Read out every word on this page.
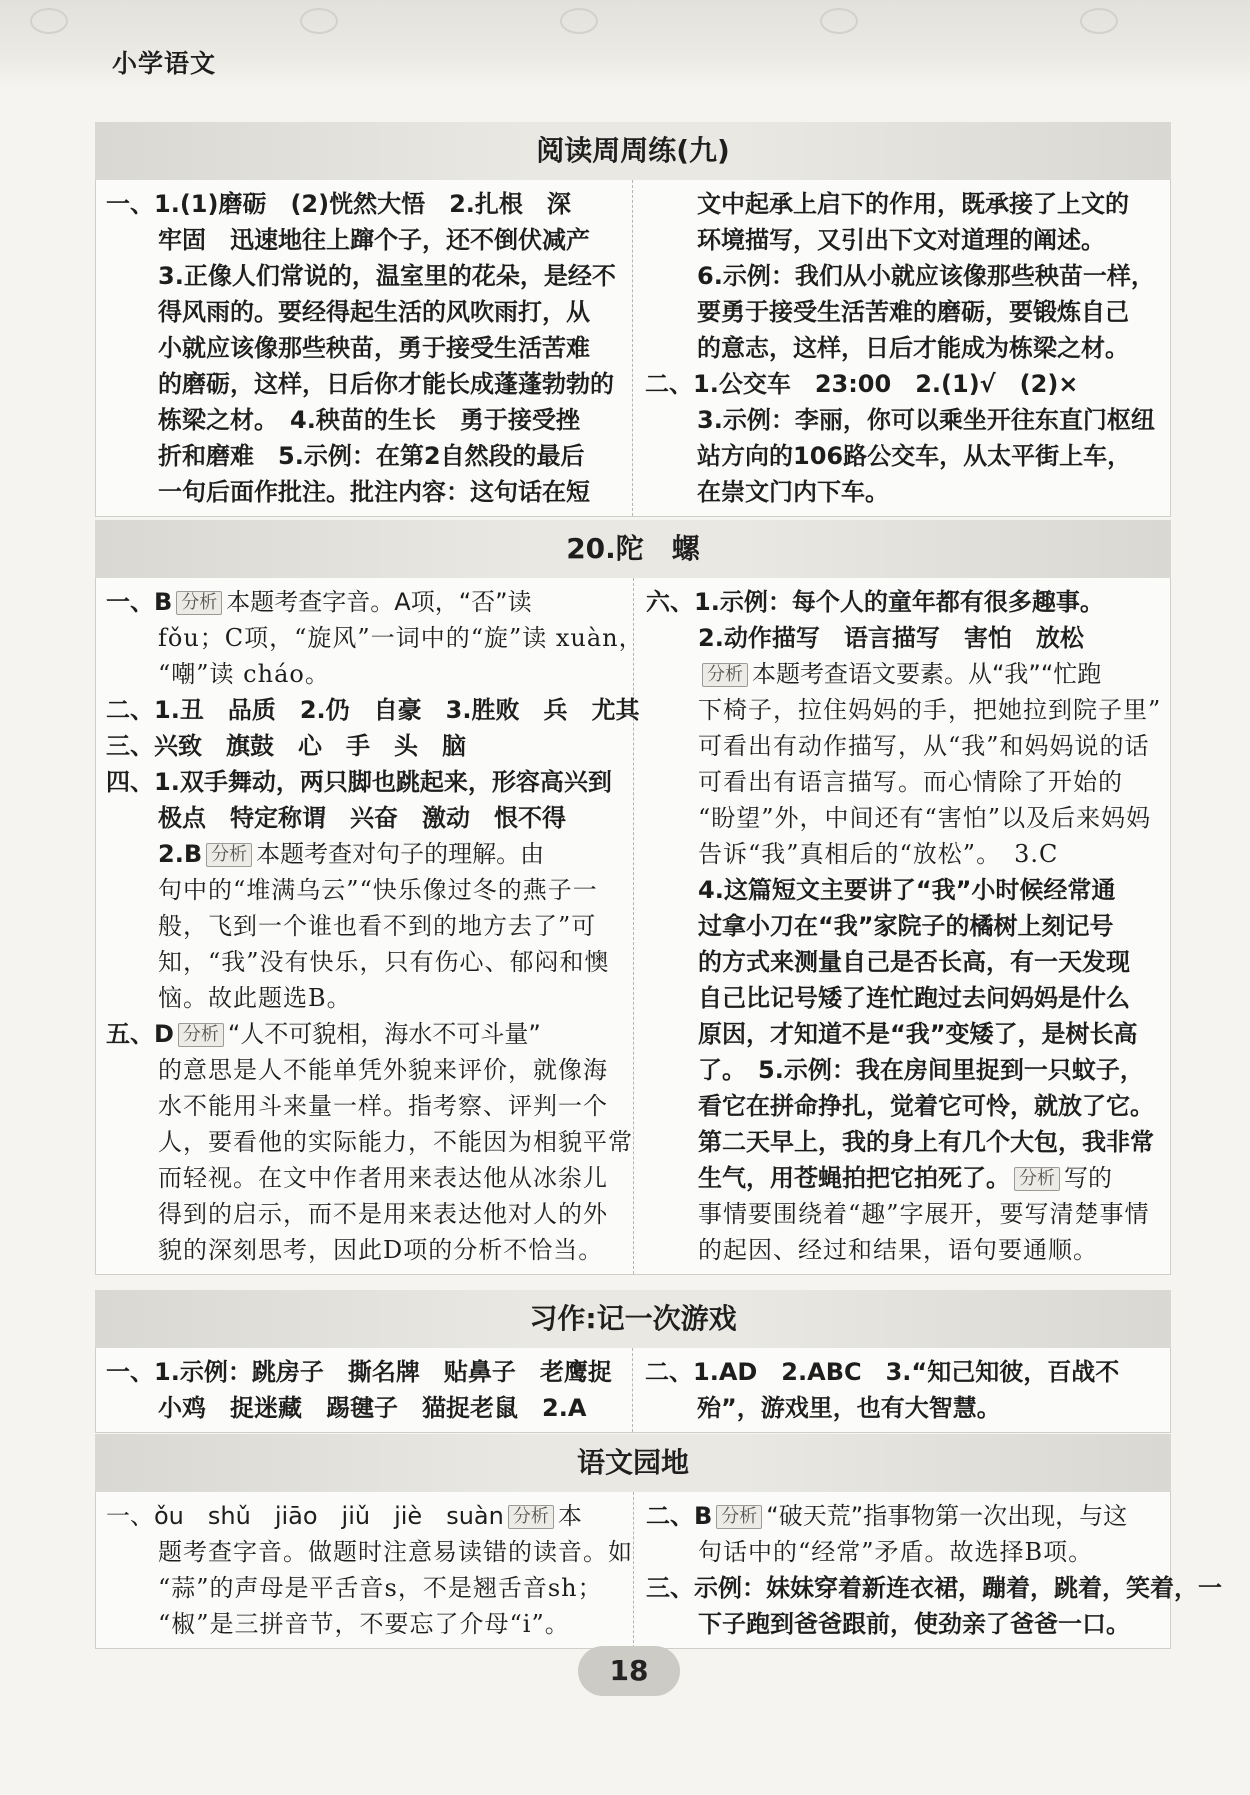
小学语文
阅读周周练(九)
一、1.(1)磨砺　(2)恍然大悟　2.扎根　深
牢固　迅速地往上蹿个子，还不倒伏减产
3.正像人们常说的，温室里的花朵，是经不
得风雨的。要经得起生活的风吹雨打，从
小就应该像那些秧苗，勇于接受生活苦难
的磨砺，这样，日后你才能长成蓬蓬勃勃的
栋梁之材。　4.秧苗的生长　勇于接受挫
折和磨难　5.示例：在第2自然段的最后
一句后面作批注。批注内容：这句话在短
文中起承上启下的作用，既承接了上文的
环境描写，又引出下文对道理的阐述。
6.示例：我们从小就应该像那些秧苗一样，
要勇于接受生活苦难的磨砺，要锻炼自己
的意志，这样，日后才能成为栋梁之材。
二、1.公交车　23:00　2.(1)√　(2)×
3.示例：李丽，你可以乘坐开往东直门枢纽
站方向的106路公交车，从太平街上车，
在崇文门内下车。
20.陀　螺
一、B 分析 本题考查字音。A项，“否”读
fǒu；C项，“旋风”一词中的“旋”读 xuàn，
“嘲”读 cháo。
二、1.丑　品质　2.仍　自豪　3.胜败　兵　尤其
三、兴致　旗鼓　心　手　头　脑
四、1.双手舞动，两只脚也跳起来，形容高兴到
极点　特定称谓　兴奋　激动　恨不得
2.B 分析 本题考查对句子的理解。由
句中的“堆满乌云”“快乐像过冬的燕子一
般，飞到一个谁也看不到的地方去了”可
知，“我”没有快乐，只有伤心、郁闷和懊
恼。故此题选B。
五、D 分析 “人不可貌相，海水不可斗量”
的意思是人不能单凭外貌来评价，就像海
水不能用斗来量一样。指考察、评判一个
人，要看他的实际能力，不能因为相貌平常
而轻视。在文中作者用来表达他从冰尜儿
得到的启示，而不是用来表达他对人的外
貌的深刻思考，因此D项的分析不恰当。
六、1.示例：每个人的童年都有很多趣事。
2.动作描写　语言描写　害怕　放松
分析 本题考查语文要素。从“我”“忙跑
下椅子，拉住妈妈的手，把她拉到院子里”
可看出有动作描写，从“我”和妈妈说的话
可看出有语言描写。而心情除了开始的
“盼望”外，中间还有“害怕”以及后来妈妈
告诉“我”真相后的“放松”。　3.C
4.这篇短文主要讲了“我”小时候经常通
过拿小刀在“我”家院子的橘树上刻记号
的方式来测量自己是否长高，有一天发现
自己比记号矮了连忙跑过去问妈妈是什么
原因，才知道不是“我”变矮了，是树长高
了。　5.示例：我在房间里捉到一只蚊子，
看它在拼命挣扎，觉着它可怜，就放了它。
第二天早上，我的身上有几个大包，我非常
生气，用苍蝇拍把它拍死了。 分析 写的
事情要围绕着“趣”字展开，要写清楚事情
的起因、经过和结果，语句要通顺。
习作:记一次游戏
一、1.示例：跳房子　撕名牌　贴鼻子　老鹰捉
小鸡　捉迷藏　踢毽子　猫捉老鼠　2.A
二、1.AD　2.ABC　3.“知己知彼，百战不
殆”，游戏里，也有大智慧。
语文园地
一、ǒu　shǔ　jiāo　jiǔ　jiè　suàn 分析 本
题考查字音。做题时注意易读错的读音。如
“蒜”的声母是平舌音s，不是翘舌音sh；
“椒”是三拼音节，不要忘了介母“i”。
二、B 分析 “破天荒”指事物第一次出现，与这
句话中的“经常”矛盾。故选择B项。
三、示例：妹妹穿着新连衣裙，蹦着，跳着，笑着，一
下子跑到爸爸跟前，使劲亲了爸爸一口。
18
